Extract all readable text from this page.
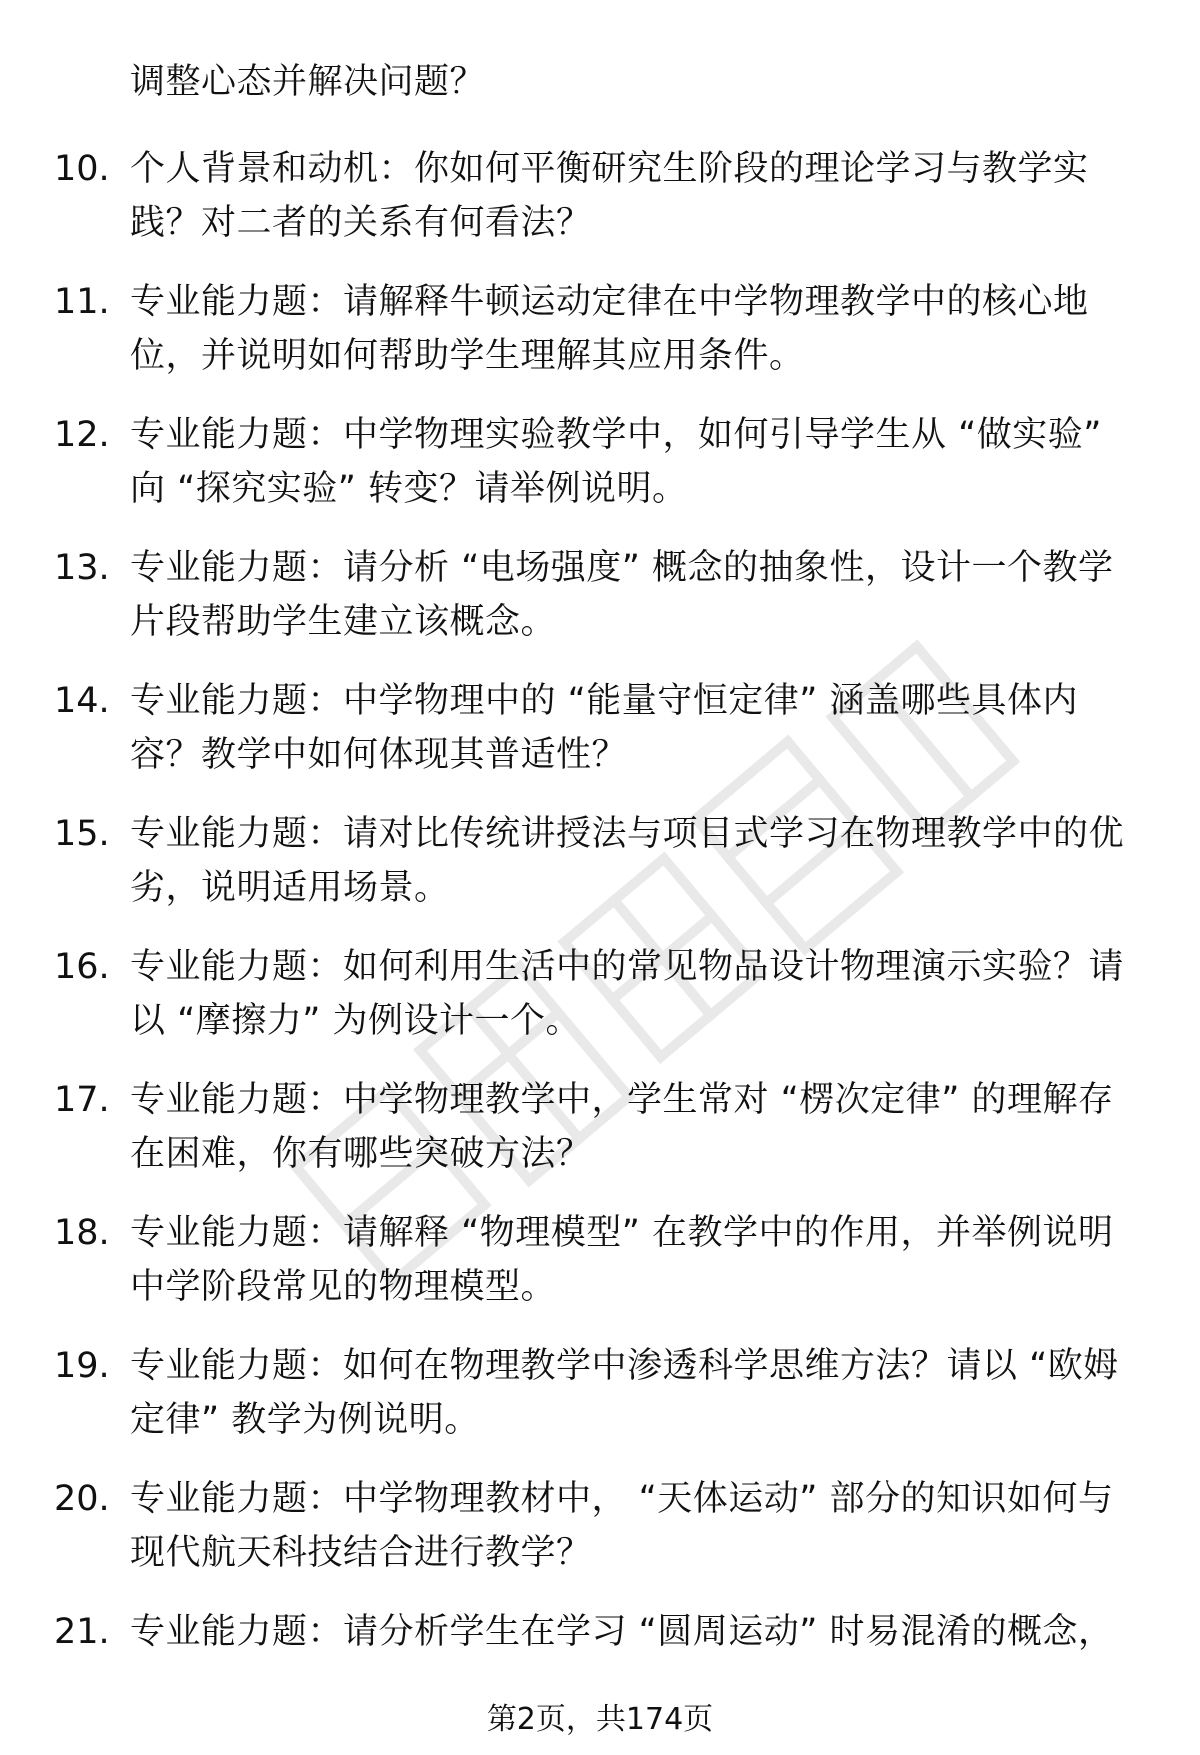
调整心态并解决问题？
10. 个人背景和动机：你如何平衡研究生阶段的理论学习与教学实践？对二者的关系有何看法？
11. 专业能力题：请解释牛顿运动定律在中学物理教学中的核心地位，并说明如何帮助学生理解其应用条件。
12. 专业能力题：中学物理实验教学中，如何引导学生从 “做实验” 向 “探究实验” 转变？请举例说明。
13. 专业能力题：请分析 “电场强度” 概念的抽象性，设计一个教学片段帮助学生建立该概念。
14. 专业能力题：中学物理中的 “能量守恒定律” 涵盖哪些具体内容？教学中如何体现其普适性？
15. 专业能力题：请对比传统讲授法与项目式学习在物理教学中的优劣，说明适用场景。
16. 专业能力题：如何利用生活中的常见物品设计物理演示实验？请以 “摩擦力” 为例设计一个。
17. 专业能力题：中学物理教学中，学生常对 “楞次定律” 的理解存在困难，你有哪些突破方法？
18. 专业能力题：请解释 “物理模型” 在教学中的作用，并举例说明中学阶段常见的物理模型。
19. 专业能力题：如何在物理教学中渗透科学思维方法？请以 “欧姆定律” 教学为例说明。
20. 专业能力题：中学物理教材中， “天体运动” 部分的知识如何与现代航天科技结合进行教学？
21. 专业能力题：请分析学生在学习 “圆周运动” 时易混淆的概念，
第2页，共174页
